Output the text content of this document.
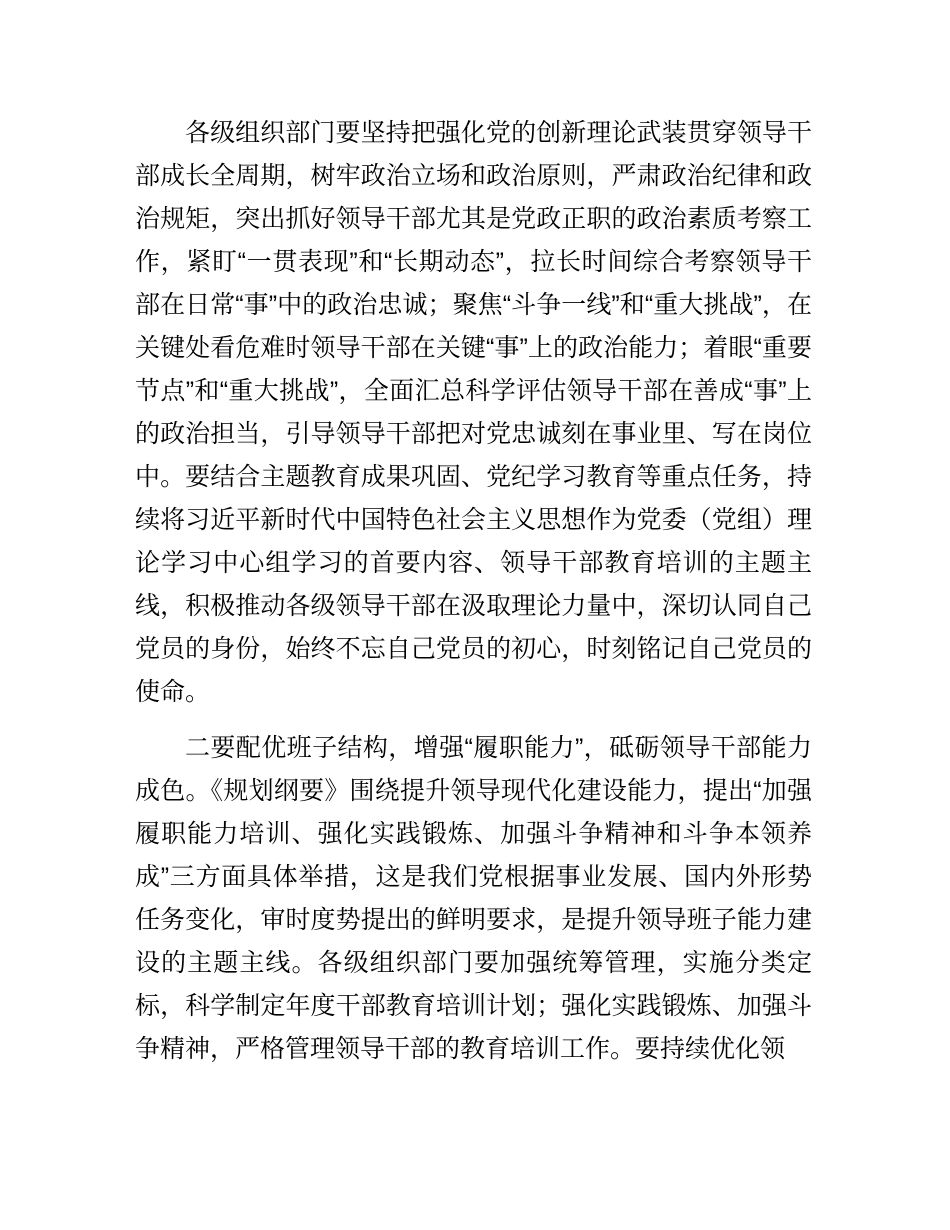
各级组织部门要坚持把强化党的创新理论武装贯穿领导干部成长全周期，树牢政治立场和政治原则，严肃政治纪律和政治规矩，突出抓好领导干部尤其是党政正职的政治素质考察工作，紧盯“一贯表现”和“长期动态”，拉长时间综合考察领导干部在日常“事”中的政治忠诚；聚焦“斗争一线”和“重大挑战”，在关键处看危难时领导干部在关键“事”上的政治能力；着眼“重要节点”和“重大挑战”，全面汇总科学评估领导干部在善成“事”上的政治担当，引导领导干部把对党忠诚刻在事业里、写在岗位中。要结合主题教育成果巩固、党纪学习教育等重点任务，持续将习近平新时代中国特色社会主义思想作为党委（党组）理论学习中心组学习的首要内容、领导干部教育培训的主题主线，积极推动各级领导干部在汲取理论力量中，深切认同自己党员的身份，始终不忘自己党员的初心，时刻铭记自己党员的使命。

二要配优班子结构，增强“履职能力”，砥砺领导干部能力成色。《规划纲要》围绕提升领导现代化建设能力，提出“加强履职能力培训、强化实践锻炼、加强斗争精神和斗争本领养成”三方面具体举措，这是我们党根据事业发展、国内外形势任务变化，审时度势提出的鲜明要求，是提升领导班子能力建设的主题主线。各级组织部门要加强统筹管理，实施分类定标，科学制定年度干部教育培训计划；强化实践锻炼、加强斗争精神，严格管理领导干部的教育培训工作。要持续优化领
